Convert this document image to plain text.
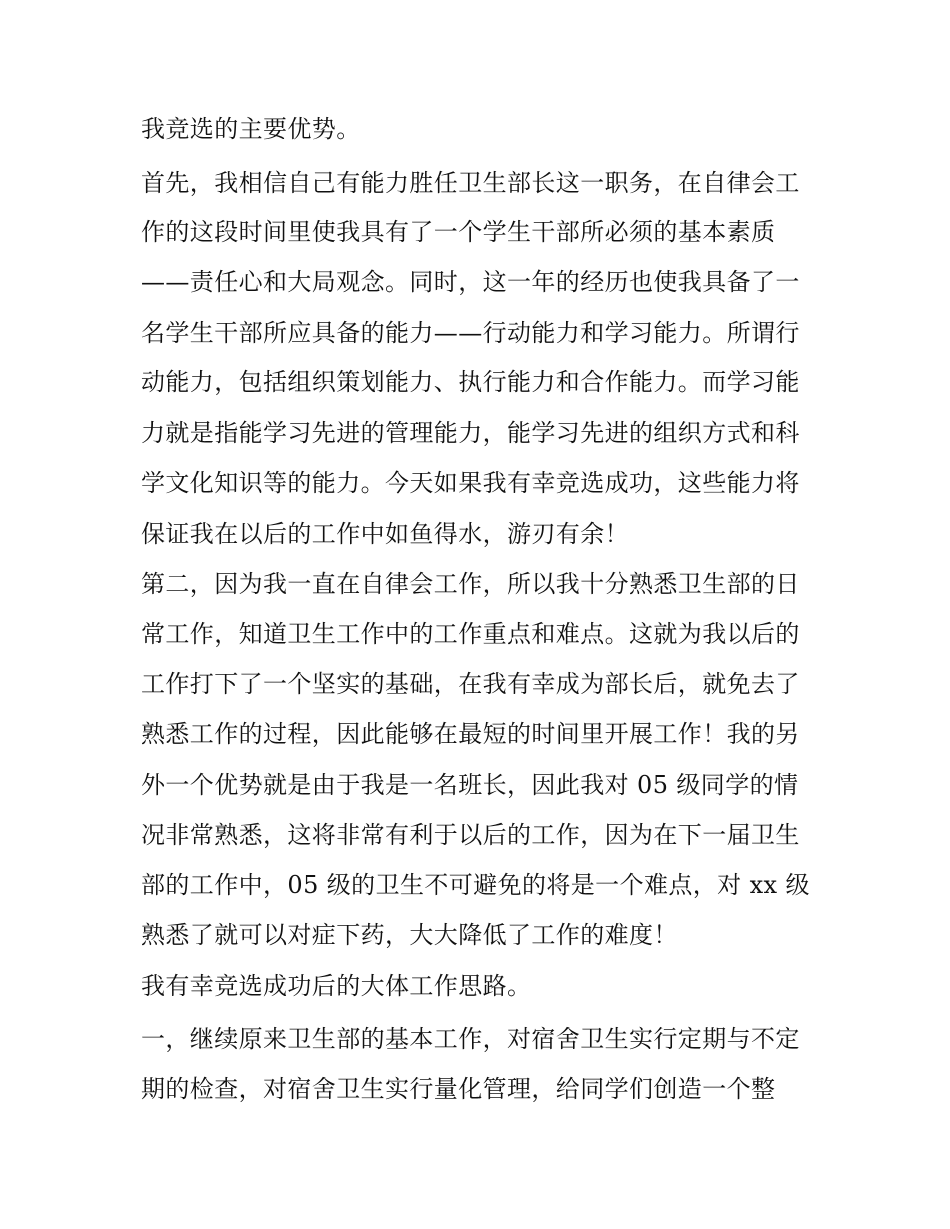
我竞选的主要优势。
首先，我相信自己有能力胜任卫生部长这一职务，在自律会工
作的这段时间里使我具有了一个学生干部所必须的基本素质
——责任心和大局观念。同时，这一年的经历也使我具备了一
名学生干部所应具备的能力——行动能力和学习能力。所谓行
动能力，包括组织策划能力、执行能力和合作能力。而学习能
力就是指能学习先进的管理能力，能学习先进的组织方式和科
学文化知识等的能力。今天如果我有幸竞选成功，这些能力将
保证我在以后的工作中如鱼得水，游刃有余！
第二，因为我一直在自律会工作，所以我十分熟悉卫生部的日
常工作，知道卫生工作中的工作重点和难点。这就为我以后的
工作打下了一个坚实的基础，在我有幸成为部长后，就免去了
熟悉工作的过程，因此能够在最短的时间里开展工作！我的另
外一个优势就是由于我是一名班长，因此我对 05 级同学的情
况非常熟悉，这将非常有利于以后的工作，因为在下一届卫生
部的工作中，05 级的卫生不可避免的将是一个难点，对 xx 级
熟悉了就可以对症下药，大大降低了工作的难度！
我有幸竞选成功后的大体工作思路。
一，继续原来卫生部的基本工作，对宿舍卫生实行定期与不定
期的检查，对宿舍卫生实行量化管理，给同学们创造一个整
